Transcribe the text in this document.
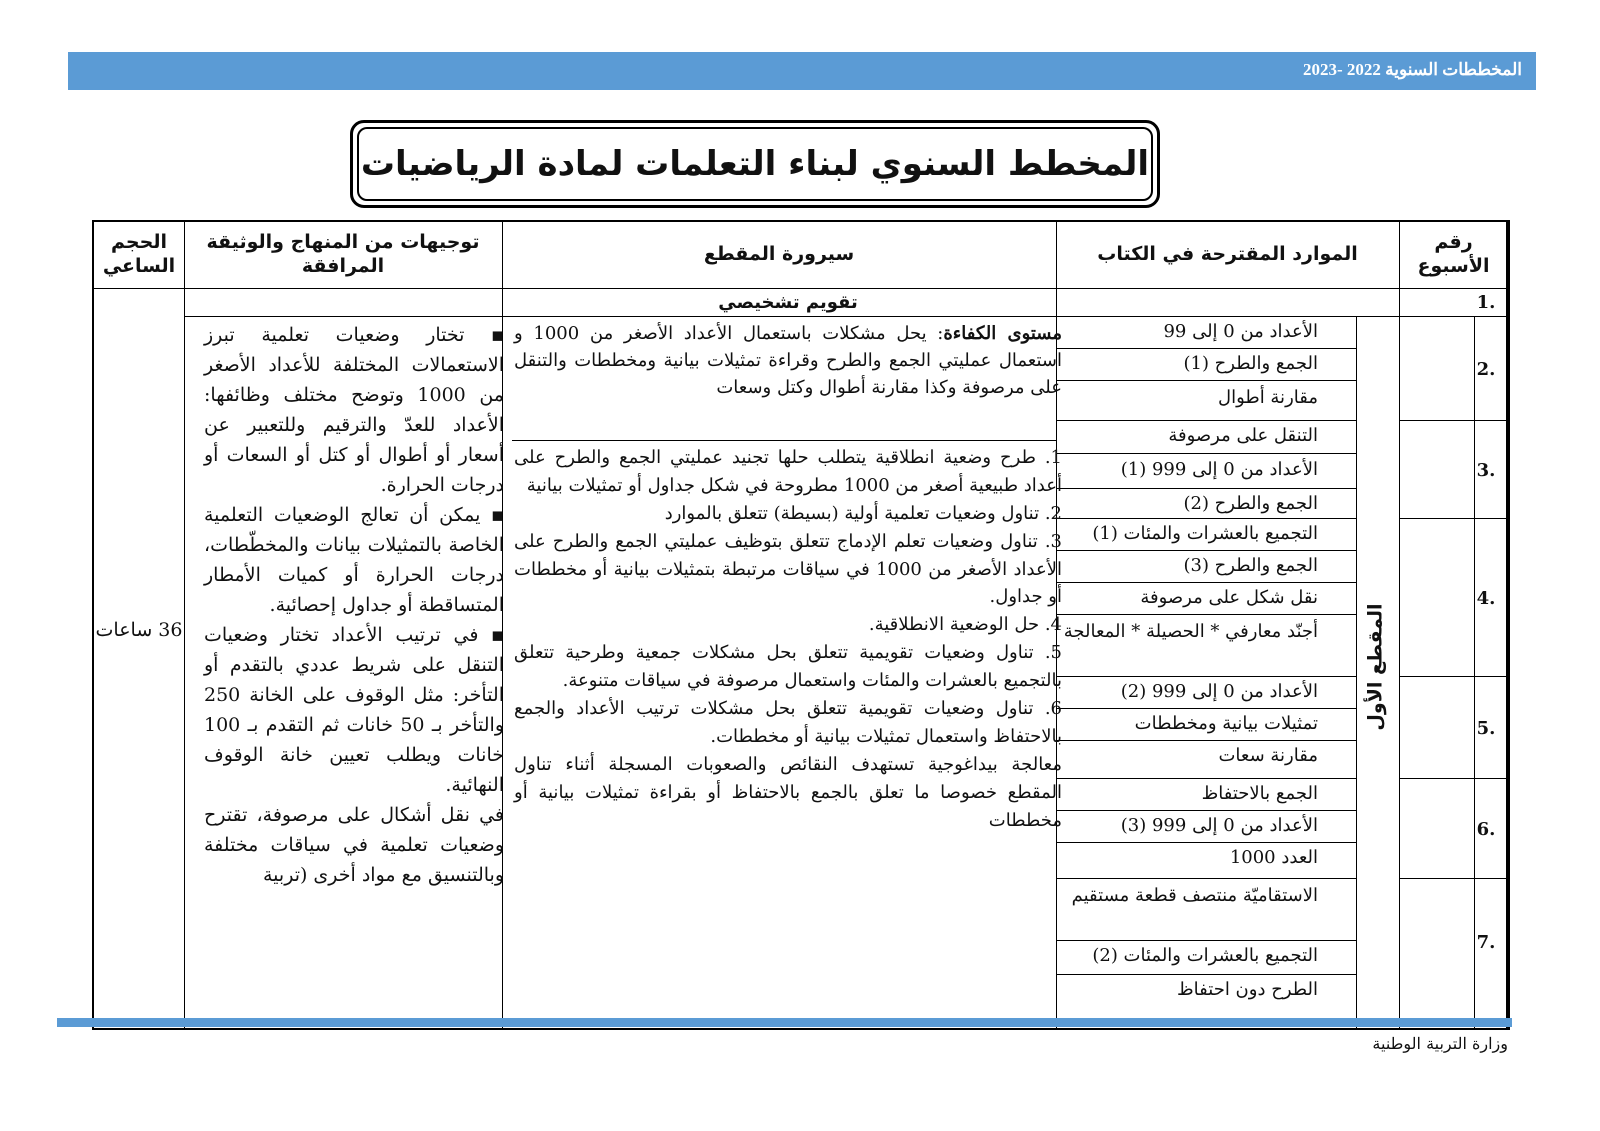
المخططات السنوية 2022 -2023
المخطط السنوي لبناء التعلمات لمادة الرياضيات
رقم الأسبوع
الموارد المقترحة في الكتاب
سيرورة المقطع
توجيهات من المنهاج والوثيقة المرافقة
الحجم الساعي
تقويم تشخيصي	1.
2.
3.
4.
5.
6.
7.
المقطع الأول
الأعداد من 0 إلى 99
الجمع والطرح (1)
مقارنة أطوال
التنقل على مرصوفة
الأعداد من 0 إلى 999 (1)
الجمع والطرح (2)
التجميع بالعشرات والمئات (1)
الجمع والطرح (3)
نقل شكل على مرصوفة
أجنّد معارفي * الحصيلة * المعالجة
الأعداد من 0 إلى 999 (2)
تمثيلات بيانية ومخططات
مقارنة سعات
الجمع بالاحتفاظ
الأعداد من 0 إلى 999 (3)
العدد 1000
الاستقاميّة منتصف قطعة مستقيم
التجميع بالعشرات والمئات (2)
الطرح دون احتفاظ
مستوى الكفاءة: يحل مشكلات باستعمال الأعداد الأصغر من 1000 و استعمال عمليتي الجمع والطرح وقراءة تمثيلات بيانية ومخططات والتنقل على مرصوفة وكذا مقارنة أطوال وكتل وسعات
1. طرح وضعية انطلاقية يتطلب حلها تجنيد عمليتي الجمع والطرح على أعداد طبيعية أصغر من 1000 مطروحة في شكل جداول أو تمثيلات بيانية
2. تناول وضعيات تعلمية أولية (بسيطة) تتعلق بالموارد
3. تناول وضعيات تعلم الإدماج تتعلق بتوظيف عمليتي الجمع والطرح على الأعداد الأصغر من 1000 في سياقات مرتبطة بتمثيلات بيانية أو مخططات أو جداول.
4. حل الوضعية الانطلاقية.
5. تناول وضعيات تقويمية تتعلق بحل مشكلات جمعية وطرحية تتعلق بالتجميع بالعشرات والمئات واستعمال مرصوفة في سياقات متنوعة.
6. تناول وضعيات تقويمية تتعلق بحل مشكلات ترتيب الأعداد والجمع بالاحتفاظ واستعمال تمثيلات بيانية أو مخططات.
معالجة بيداغوجية تستهدف النقائص والصعوبات المسجلة أثناء تناول المقطع خصوصا ما تعلق بالجمع بالاحتفاظ أو بقراءة تمثيلات بيانية أو مخططات
▪ تختار وضعيات تعلمية تبرز الاستعمالات المختلفة للأعداد الأصغر من 1000 وتوضح مختلف وظائفها: الأعداد للعدّ والترقيم وللتعبير عن أسعار أو أطوال أو كتل أو السعات أو درجات الحرارة.
▪ يمكن أن تعالج الوضعيات التعلمية الخاصة بالتمثيلات بيانات والمخطّطات، درجات الحرارة أو كميات الأمطار المتساقطة أو جداول إحصائية.
▪ في ترتيب الأعداد تختار وضعيات التنقل على شريط عددي بالتقدم أو التأخر: مثل الوقوف على الخانة 250 والتأخر بـ 50 خانات ثم التقدم بـ 100 خانات ويطلب تعيين خانة الوقوف النهائية.
في نقل أشكال على مرصوفة، تقترح وضعيات تعلمية في سياقات مختلفة وبالتنسيق مع مواد أخرى (تربية
36 ساعات
وزارة التربية الوطنية
